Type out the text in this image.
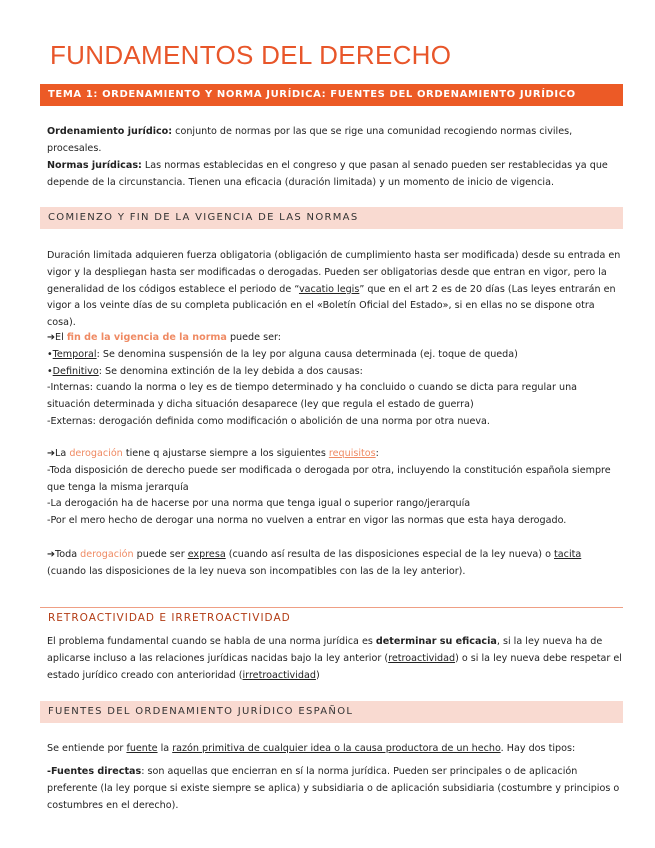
FUNDAMENTOS DEL DERECHO
TEMA 1: ORDENAMIENTO Y NORMA JURÍDICA: FUENTES DEL ORDENAMIENTO JURÍDICO
Ordenamiento jurídico: conjunto de normas por las que se rige una comunidad recogiendo normas civiles, procesales.
Normas jurídicas: Las normas establecidas en el congreso y que pasan al senado pueden ser restablecidas ya que depende de la circunstancia. Tienen una eficacia (duración limitada) y un momento de inicio de vigencia.
COMIENZO Y FIN DE LA VIGENCIA DE LAS NORMAS
Duración limitada adquieren fuerza obligatoria (obligación de cumplimiento hasta ser modificada) desde su entrada en vigor y la despliegan hasta ser modificadas o derogadas. Pueden ser obligatorias desde que entran en vigor, pero la generalidad de los códigos establece el periodo de “vacatio legis” que en el art 2 es de 20 días (Las leyes entrarán en vigor a los veinte días de su completa publicación en el «Boletín Oficial del Estado», si en ellas no se dispone otra cosa).
➔El fin de la vigencia de la norma puede ser:
•Temporal: Se denomina suspensión de la ley por alguna causa determinada (ej. toque de queda)
•Definitivo: Se denomina extinción de la ley debida a dos causas:
-Internas: cuando la norma o ley es de tiempo determinado y ha concluido o cuando se dicta para regular una situación determinada y dicha situación desaparece (ley que regula el estado de guerra)
-Externas: derogación definida como modificación o abolición de una norma por otra nueva.
➔La derogación tiene q ajustarse siempre a los siguientes requisitos:
-Toda disposición de derecho puede ser modificada o derogada por otra, incluyendo la constitución española siempre que tenga la misma jerarquía
-La derogación ha de hacerse por una norma que tenga igual o superior rango/jerarquía
-Por el mero hecho de derogar una norma no vuelven a entrar en vigor las normas que esta haya derogado.
➔Toda derogación puede ser expresa (cuando así resulta de las disposiciones especial de la ley nueva) o tacita (cuando las disposiciones de la ley nueva son incompatibles con las de la ley anterior).
RETROACTIVIDAD E IRRETROACTIVIDAD
El problema fundamental cuando se habla de una norma jurídica es determinar su eficacia, si la ley nueva ha de aplicarse incluso a las relaciones jurídicas nacidas bajo la ley anterior (retroactividad) o si la ley nueva debe respetar el estado jurídico creado con anterioridad (irretroactividad)
FUENTES DEL ORDENAMIENTO JURÍDICO ESPAÑOL
Se entiende por fuente la razón primitiva de cualquier idea o la causa productora de un hecho. Hay dos tipos:
-Fuentes directas: son aquellas que encierran en sí la norma jurídica. Pueden ser principales o de aplicación preferente (la ley porque si existe siempre se aplica) y subsidiaria o de aplicación subsidiaria (costumbre y principios o costumbres en el derecho).
